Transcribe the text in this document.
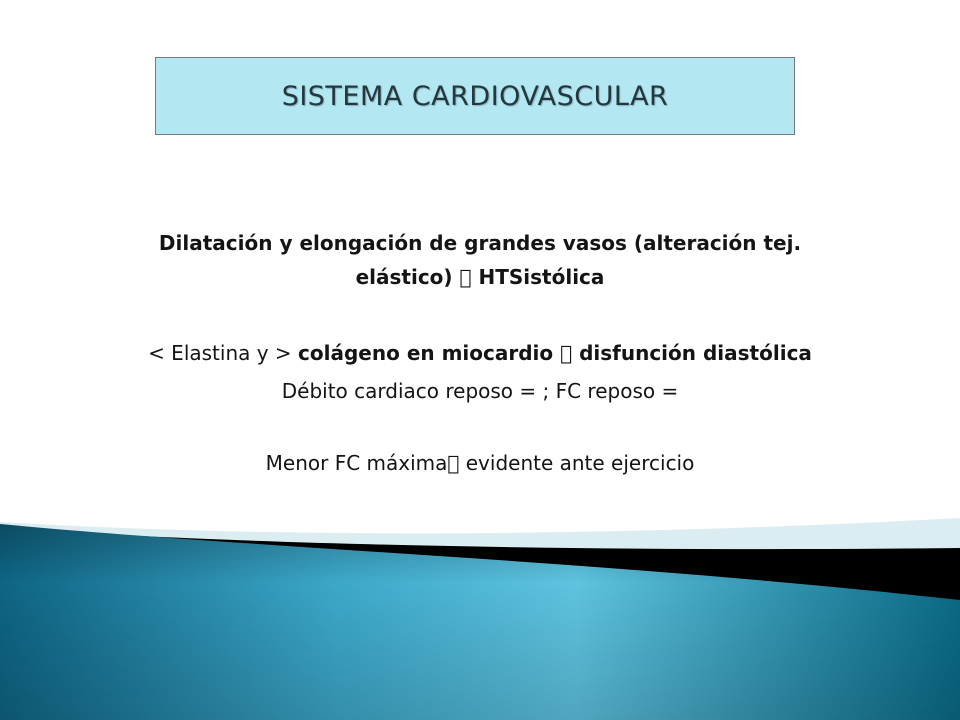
SISTEMA CARDIOVASCULAR
Dilatación y elongación de grandes vasos (alteración tej.
elástico) HTSistólica
< Elastina y > colágeno en miocardio disfunción diastólica
Débito cardiaco reposo = ; FC reposo =
Menor FC máxima evidente ante ejercicio
